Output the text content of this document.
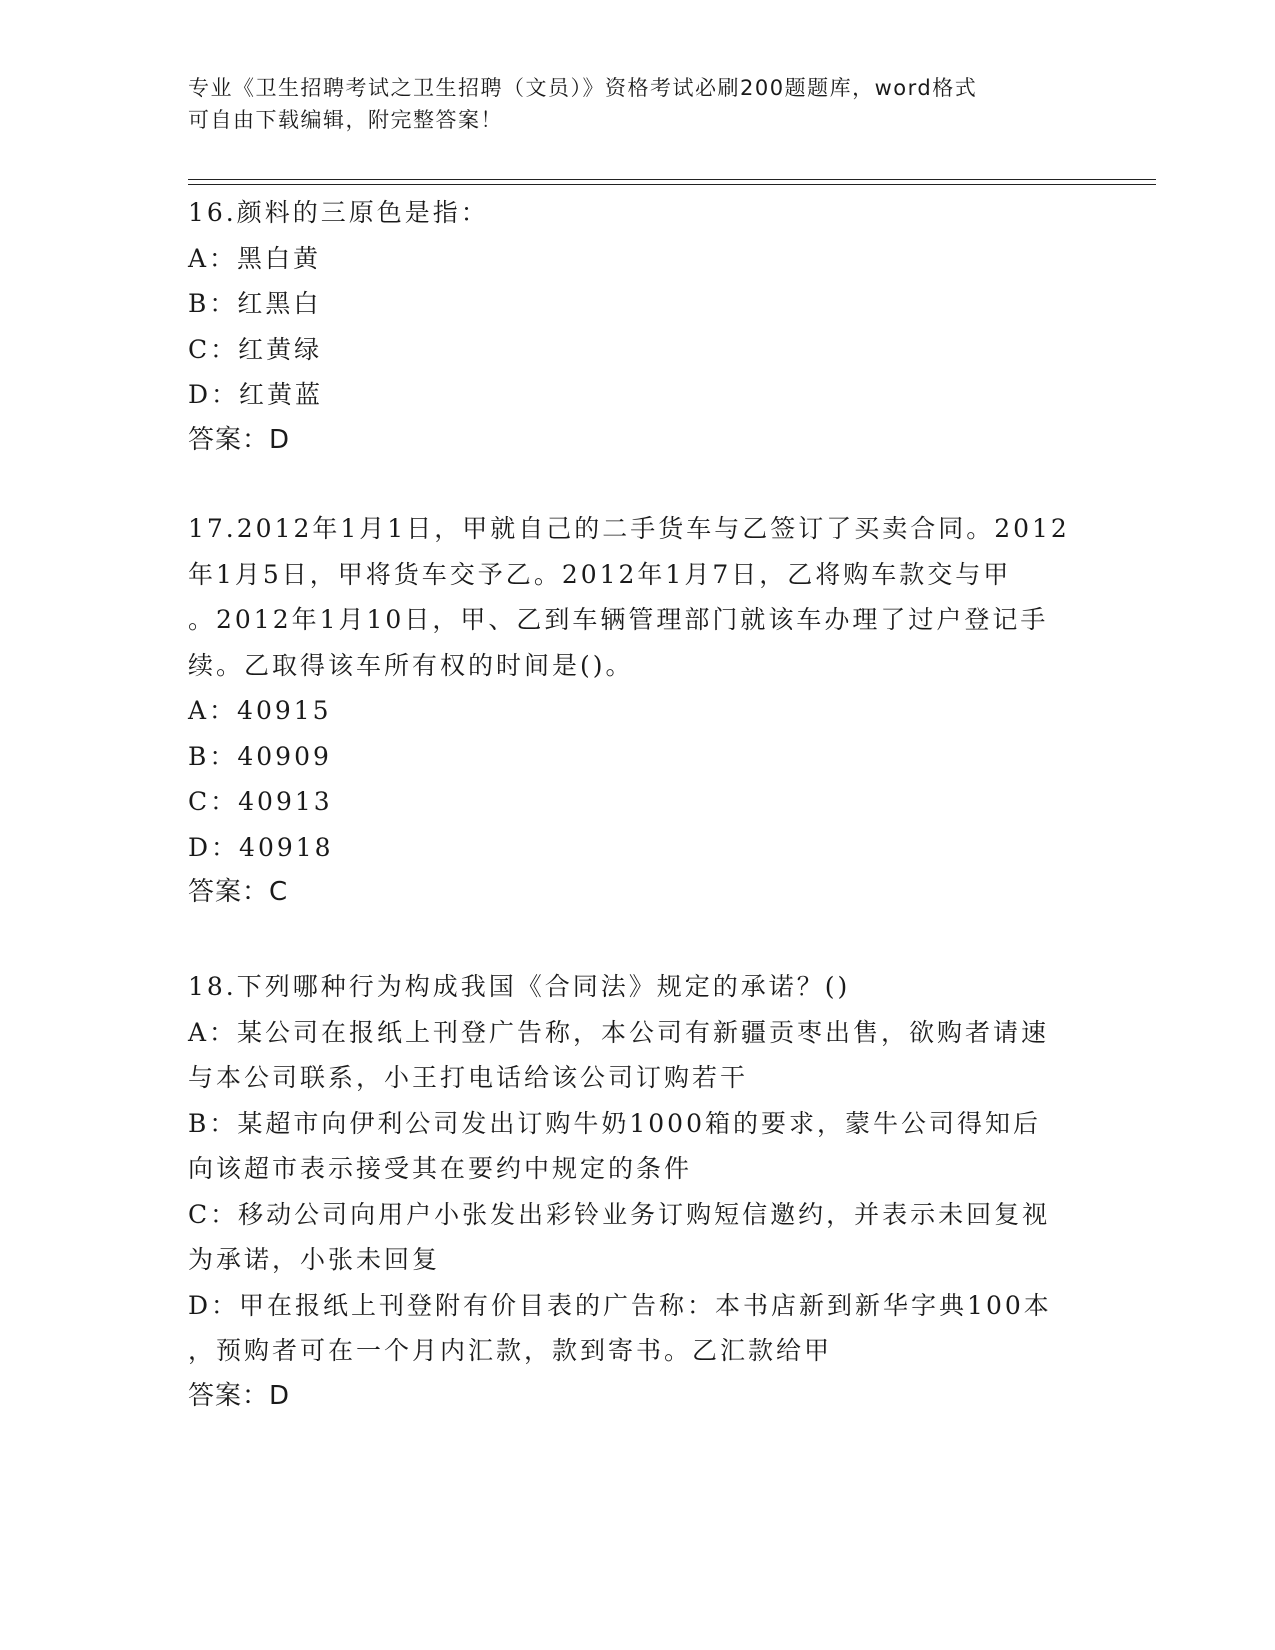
专业《卫生招聘考试之卫生招聘（文员）》资格考试必刷200题题库，word格式
可自由下载编辑，附完整答案！
16.颜料的三原色是指：
A：黑白黄
B：红黑白
C：红黄绿
D：红黄蓝
答案：D
17.2012年1月1日，甲就自己的二手货车与乙签订了买卖合同。2012
年1月5日，甲将货车交予乙。2012年1月7日，乙将购车款交与甲
。2012年1月10日，甲、乙到车辆管理部门就该车办理了过户登记手
续。乙取得该车所有权的时间是()。
A：40915
B：40909
C：40913
D：40918
答案：C
18.下列哪种行为构成我国《合同法》规定的承诺？()
A：某公司在报纸上刊登广告称，本公司有新疆贡枣出售，欲购者请速
与本公司联系，小王打电话给该公司订购若干
B：某超市向伊利公司发出订购牛奶1000箱的要求，蒙牛公司得知后
向该超市表示接受其在要约中规定的条件
C：移动公司向用户小张发出彩铃业务订购短信邀约，并表示未回复视
为承诺，小张未回复
D：甲在报纸上刊登附有价目表的广告称：本书店新到新华字典100本
，预购者可在一个月内汇款，款到寄书。乙汇款给甲
答案：D
